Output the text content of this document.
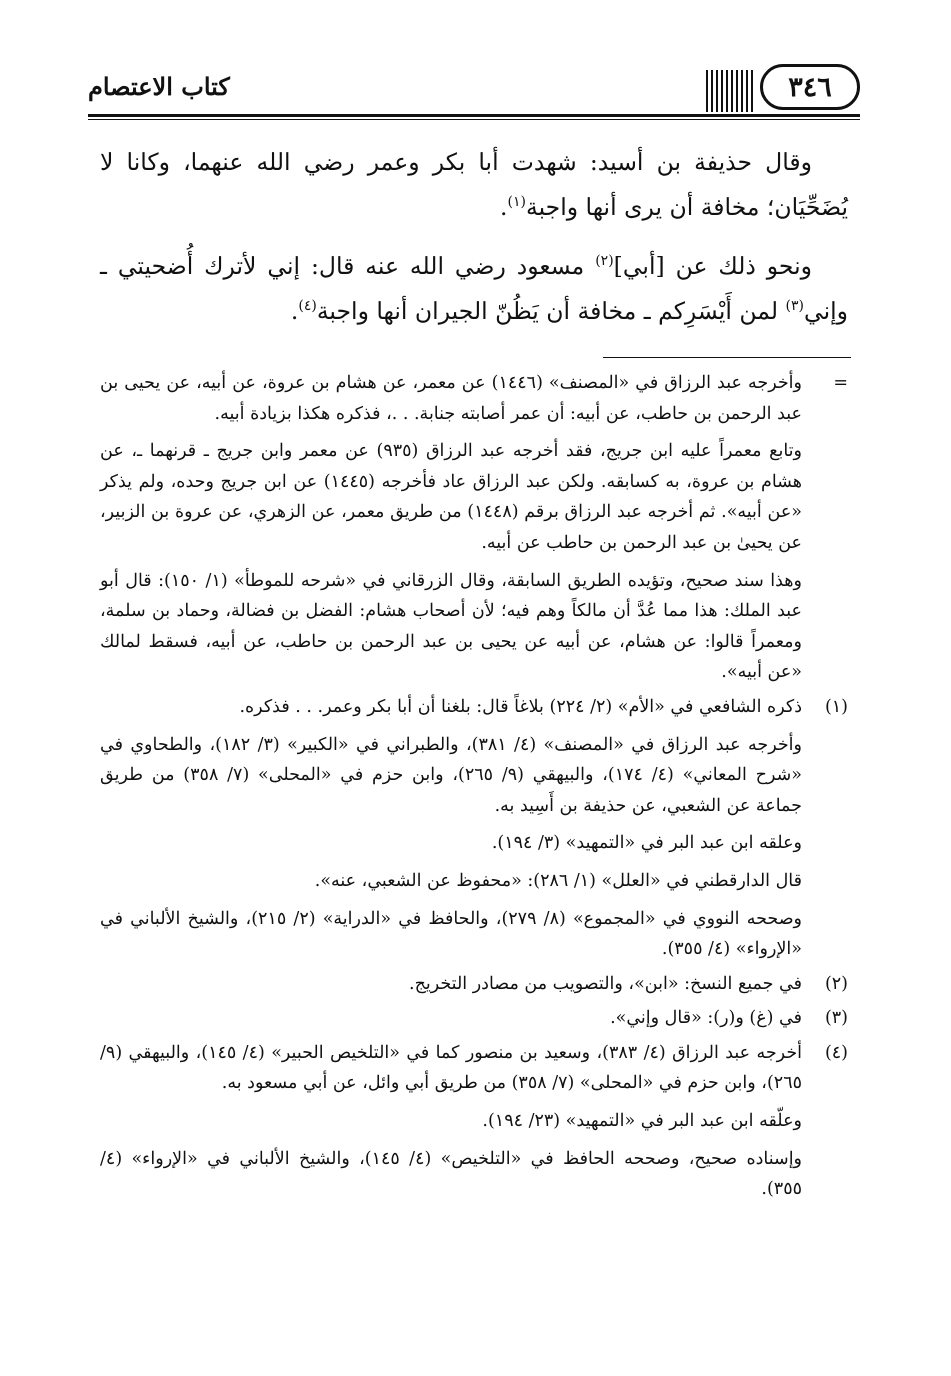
٣٤٦
كتاب الاعتصام

وقال حذيفة بن أسيد: شهدت أبا بكر وعمر رضي الله عنهما، وكانا لا يُضَحِّيَان؛ مخافة أن يرى أنها واجبة$^{(١)}$.

ونحو ذلك عن [أبي]$^{(٢)}$ مسعود رضي الله عنه قال: إني لأترك أُضحيتي ـ وإني$^{(٣)}$ لمن أَيْسَرِكم ـ مخافة أن يَظُنّ الجيران أنها واجبة$^{(٤)}$.

=

وأخرجه عبد الرزاق في «المصنف» (١٤٤٦) عن معمر، عن هشام بن عروة، عن أبيه، عن يحيى بن عبد الرحمن بن حاطب، عن أبيه: أن عمر أصابته جنابة. . .، فذكره هكذا بزيادة أبيه.

وتابع معمراً عليه ابن جريج، فقد أخرجه عبد الرزاق (٩٣٥) عن معمر وابن جريج ـ قرنهما ـ، عن هشام بن عروة، به كسابقه. ولكن عبد الرزاق عاد فأخرجه (١٤٤٥) عن ابن جريج وحده، ولم يذكر «عن أبيه». ثم أخرجه عبد الرزاق برقم (١٤٤٨) من طريق معمر، عن الزهري، عن عروة بن الزبير، عن يحيىٰ بن عبد الرحمن بن حاطب عن أبيه.

وهذا سند صحيح، وتؤيده الطريق السابقة، وقال الزرقاني في «شرحه للموطأ» (١/ ١٥٠): قال أبو عبد الملك: هذا مما عُدَّ أن مالكاً وهم فيه؛ لأن أصحاب هشام: الفضل بن فضالة، وحماد بن سلمة، ومعمراً قالوا: عن هشام، عن أبيه عن يحيى بن عبد الرحمن بن حاطب، عن أبيه، فسقط لمالك «عن أبيه».

(١)

ذكره الشافعي في «الأم» (٢/ ٢٢٤) بلاغاً قال: بلغنا أن أبا بكر وعمر. . . فذكره.

وأخرجه عبد الرزاق في «المصنف» (٤/ ٣٨١)، والطبراني في «الكبير» (٣/ ١٨٢)، والطحاوي في «شرح المعاني» (٤/ ١٧٤)، والبيهقي (٩/ ٢٦٥)، وابن حزم في «المحلى» (٧/ ٣٥٨) من طريق جماعة عن الشعبي، عن حذيفة بن أَسِيد به.

وعلقه ابن عبد البر في «التمهيد» (٣/ ١٩٤).

قال الدارقطني في «العلل» (١/ ٢٨٦): «محفوظ عن الشعبي، عنه».

وصححه النووي في «المجموع» (٨/ ٢٧٩)، والحافظ في «الدراية» (٢/ ٢١٥)، والشيخ الألباني في «الإرواء» (٤/ ٣٥٥).

(٢)

في جميع النسخ: «ابن»، والتصويب من مصادر التخريج.

(٣)

في (غ) و(ر): «قال وإني».

(٤)

أخرجه عبد الرزاق (٤/ ٣٨٣)، وسعيد بن منصور كما في «التلخيص الحبير» (٤/ ١٤٥)، والبيهقي (٩/ ٢٦٥)، وابن حزم في «المحلى» (٧/ ٣٥٨) من طريق أبي وائل، عن أبي مسعود به.

وعلّقه ابن عبد البر في «التمهيد» (٢٣/ ١٩٤).

وإسناده صحيح، وصححه الحافظ في «التلخيص» (٤/ ١٤٥)، والشيخ الألباني في «الإرواء» (٤/ ٣٥٥).
